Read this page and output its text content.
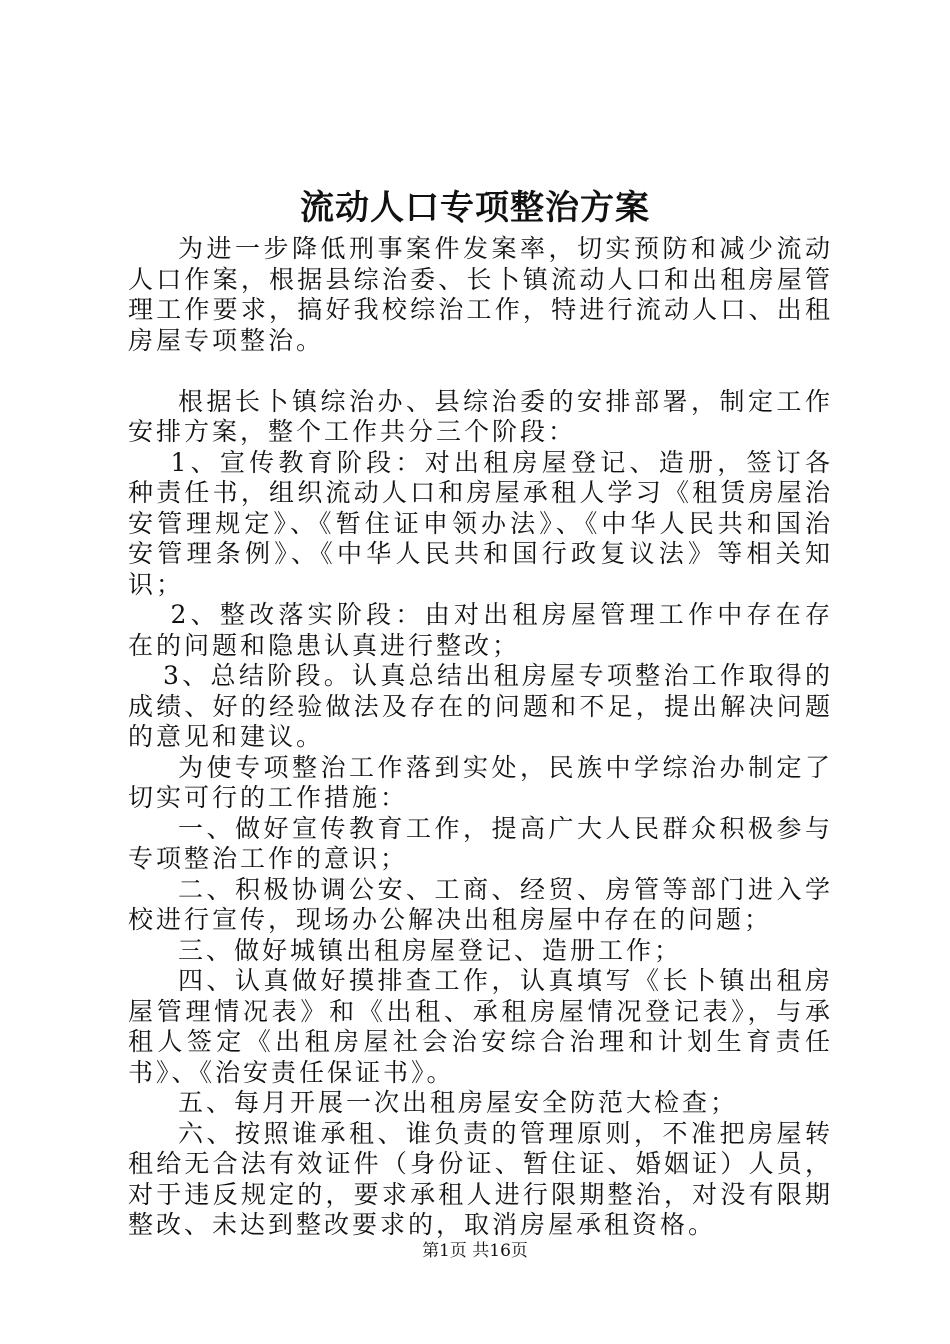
流动人口专项整治方案

为进一步降低刑事案件发案率，切实预防和减少流动人口作案，根据县综治委、长卜镇流动人口和出租房屋管理工作要求，搞好我校综治工作，特进行流动人口、出租房屋专项整治。

根据长卜镇综治办、县综治委的安排部署，制定工作安排方案，整个工作共分三个阶段：

1、宣传教育阶段：对出租房屋登记、造册，签订各种责任书，组织流动人口和房屋承租人学习《租赁房屋治安管理规定》、《暂住证申领办法》、《中华人民共和国治安管理条例》、《中华人民共和国行政复议法》等相关知识；

2、整改落实阶段：由对出租房屋管理工作中存在存在的问题和隐患认真进行整改；

3、总结阶段。认真总结出租房屋专项整治工作取得的成绩、好的经验做法及存在的问题和不足，提出解决问题的意见和建议。

为使专项整治工作落到实处，民族中学综治办制定了切实可行的工作措施：

一、做好宣传教育工作，提高广大人民群众积极参与专项整治工作的意识；

二、积极协调公安、工商、经贸、房管等部门进入学校进行宣传，现场办公解决出租房屋中存在的问题；

三、做好城镇出租房屋登记、造册工作；

四、认真做好摸排查工作，认真填写《长卜镇出租房屋管理情况表》和《出租、承租房屋情况登记表》，与承租人签定《出租房屋社会治安综合治理和计划生育责任书》、《治安责任保证书》。

五、每月开展一次出租房屋安全防范大检查；

六、按照谁承租、谁负责的管理原则，不准把房屋转租给无合法有效证件（身份证、暂住证、婚姻证）人员，对于违反规定的，要求承租人进行限期整治，对没有限期整改、未达到整改要求的，取消房屋承租资格。

第1页 共16页
